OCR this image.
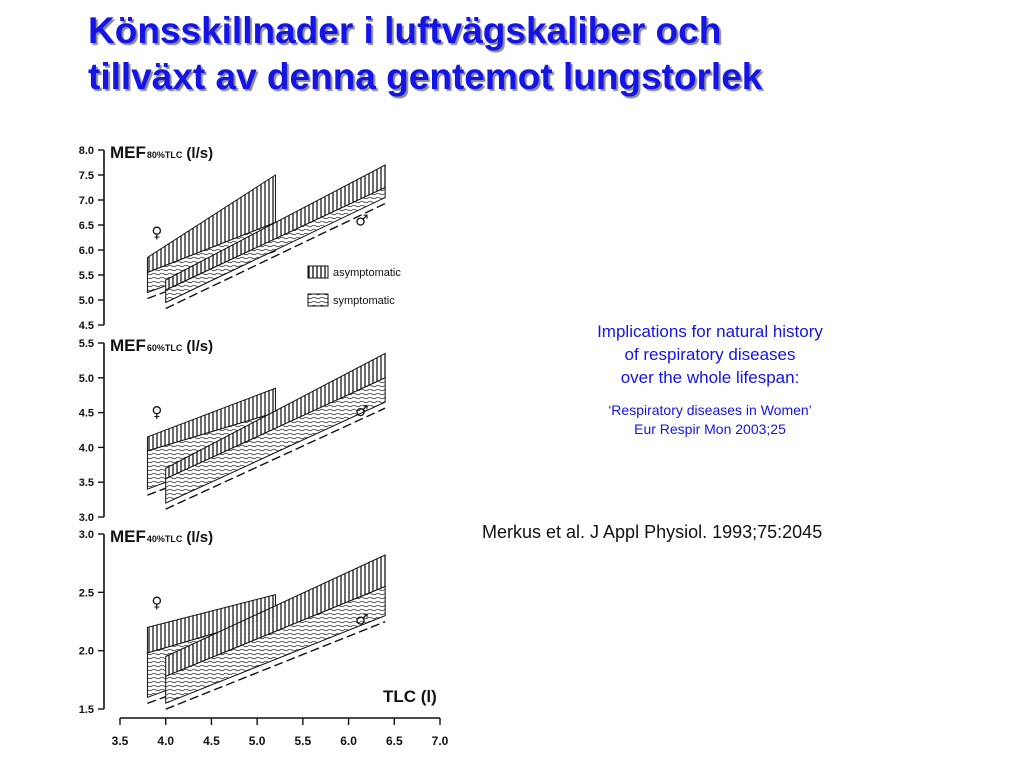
Könsskillnader i luftvägskaliber och
tillväxt av denna gentemot lungstorlek
4.5
5.0
5.5
6.0
6.5
7.0
7.5
8.0 MEF80%TLC (l/s)
♀
♂
3.0
3.5
4.0
4.5
5.0
5.5 MEF60%TLC (l/s)
♀	♂
1.5
2.0
2.5
3.0 MEF40%TLC (l/s)
♀
♂
asymptomatic
symptomatic
3.5 4.0 4.5 5.0 5.5 6.0 6.5 7.0
TLC (l)
Implications for natural history
of respiratory diseases
over the whole lifespan:
‘Respiratory diseases in Women’
Eur Respir Mon 2003;25
Merkus et al. J Appl Physiol. 1993;75:2045
